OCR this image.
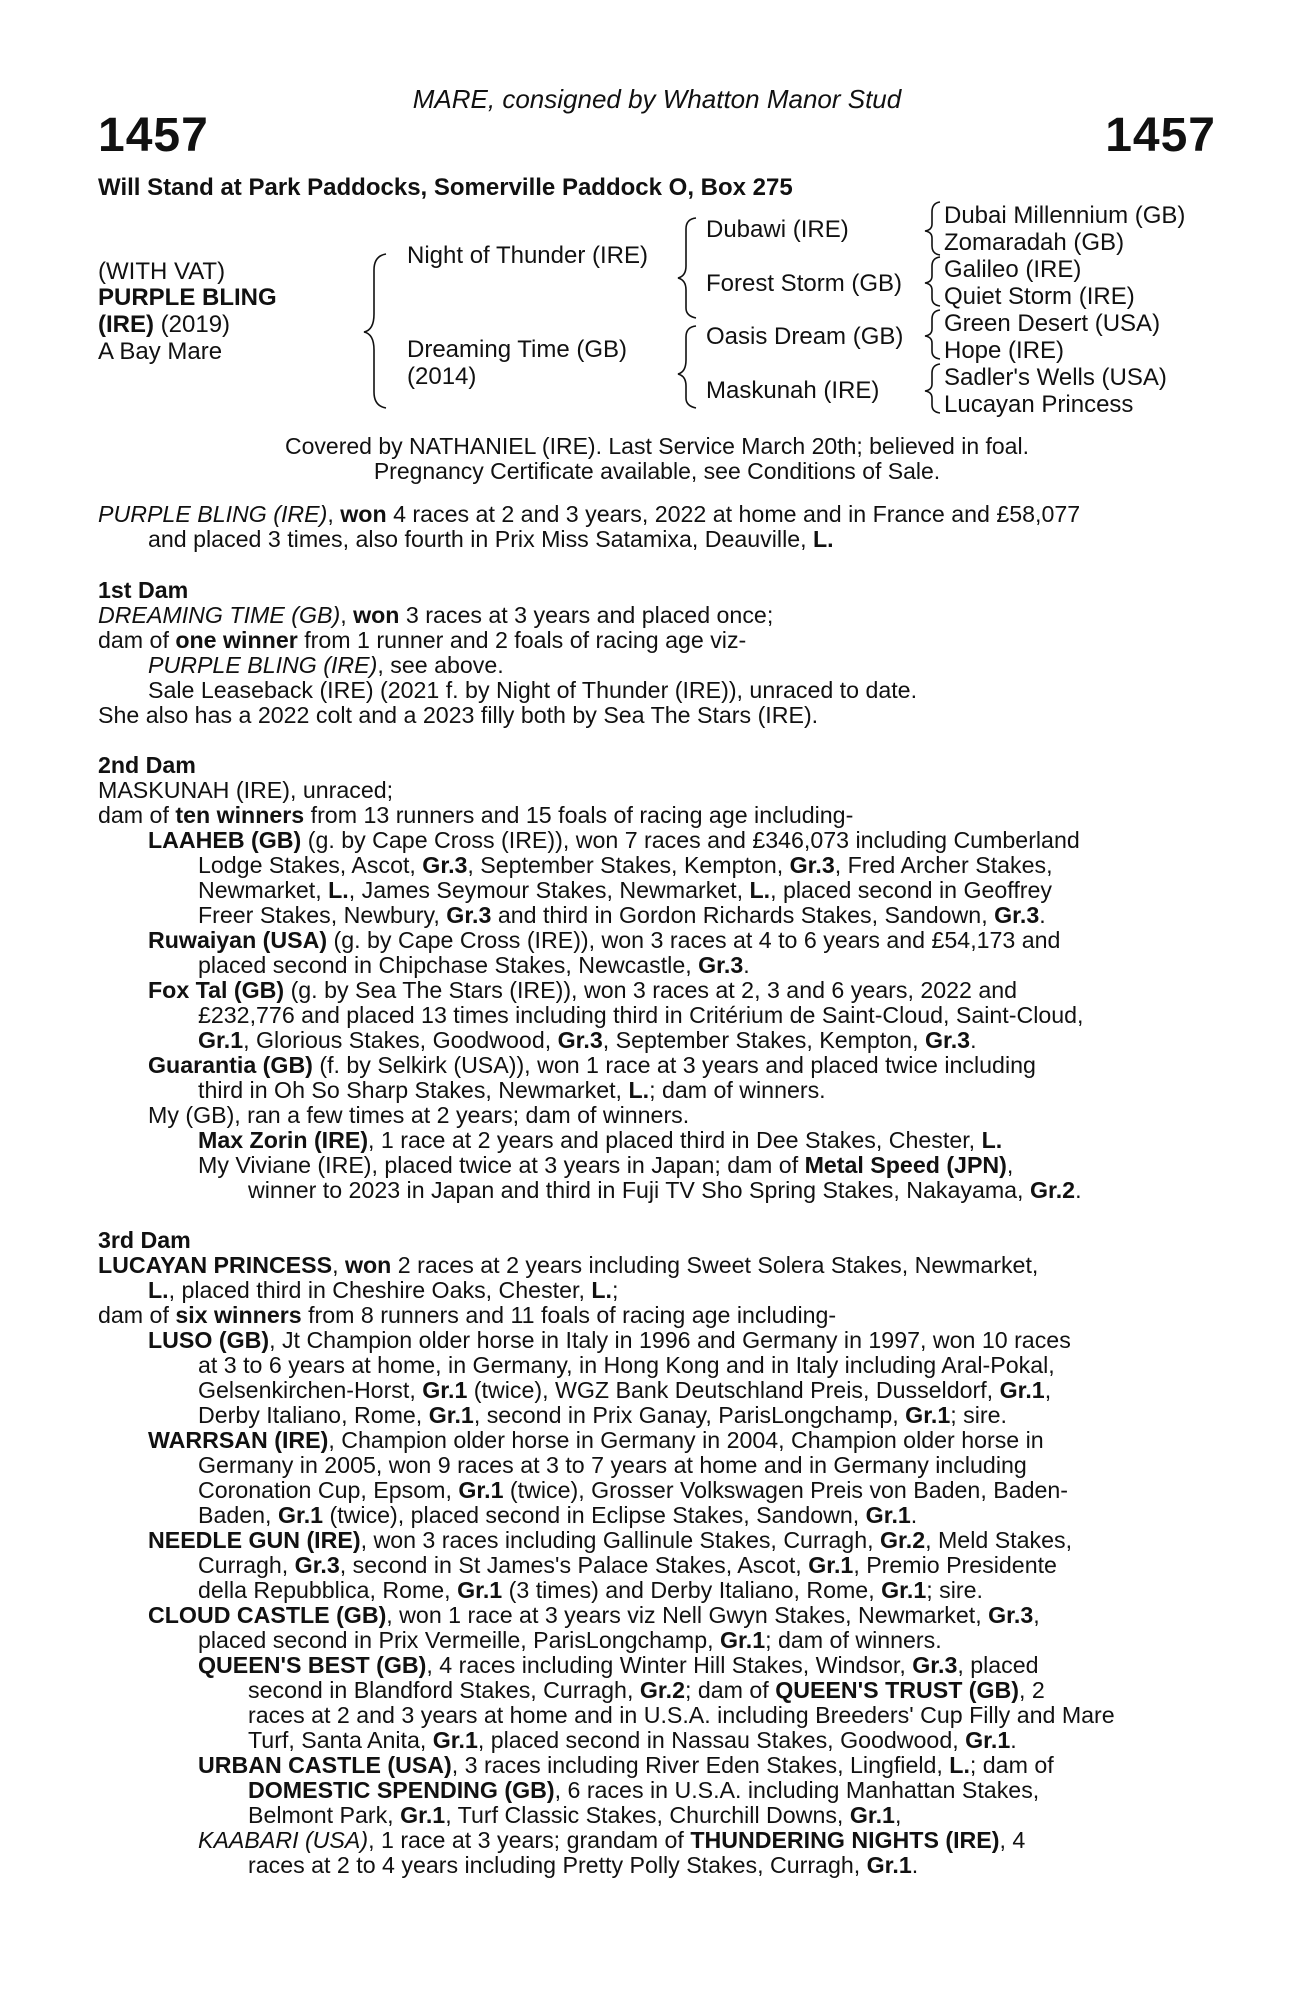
MARE, consigned by Whatton Manor Stud
1457	1457
Will Stand at Park Paddocks, Somerville Paddock O, Box 275
(WITH VAT)
PURPLE BLING
(IRE) (2019)
A Bay Mare
Night of Thunder (IRE)
Dreaming Time (GB)
(2014)
Dubawi (IRE)
Forest Storm (GB)
Oasis Dream (GB)
Maskunah (IRE)
Dubai Millennium (GB)
Zomaradah (GB)
Galileo (IRE)
Quiet Storm (IRE)
Green Desert (USA)
Hope (IRE)
Sadler's Wells (USA)
Lucayan Princess
Covered by NATHANIEL (IRE). Last Service March 20th; believed in foal.
Pregnancy Certificate available, see Conditions of Sale.
PURPLE BLING (IRE), won 4 races at 2 and 3 years, 2022 at home and in France and £58,077
and placed 3 times, also fourth in Prix Miss Satamixa, Deauville, L.
1st Dam
DREAMING TIME (GB), won 3 races at 3 years and placed once;
dam of one winner from 1 runner and 2 foals of racing age viz-
PURPLE BLING (IRE), see above.
Sale Leaseback (IRE) (2021 f. by Night of Thunder (IRE)), unraced to date.
She also has a 2022 colt and a 2023 filly both by Sea The Stars (IRE).
2nd Dam
MASKUNAH (IRE), unraced;
dam of ten winners from 13 runners and 15 foals of racing age including-
LAAHEB (GB) (g. by Cape Cross (IRE)), won 7 races and £346,073 including Cumberland
Lodge Stakes, Ascot, Gr.3, September Stakes, Kempton, Gr.3, Fred Archer Stakes,
Newmarket, L., James Seymour Stakes, Newmarket, L., placed second in Geoffrey
Freer Stakes, Newbury, Gr.3 and third in Gordon Richards Stakes, Sandown, Gr.3.
Ruwaiyan (USA) (g. by Cape Cross (IRE)), won 3 races at 4 to 6 years and £54,173 and
placed second in Chipchase Stakes, Newcastle, Gr.3.
Fox Tal (GB) (g. by Sea The Stars (IRE)), won 3 races at 2, 3 and 6 years, 2022 and
£232,776 and placed 13 times including third in Critérium de Saint-Cloud, Saint-Cloud,
Gr.1, Glorious Stakes, Goodwood, Gr.3, September Stakes, Kempton, Gr.3.
Guarantia (GB) (f. by Selkirk (USA)), won 1 race at 3 years and placed twice including
third in Oh So Sharp Stakes, Newmarket, L.; dam of winners.
My (GB), ran a few times at 2 years; dam of winners.
Max Zorin (IRE), 1 race at 2 years and placed third in Dee Stakes, Chester, L.
My Viviane (IRE), placed twice at 3 years in Japan; dam of Metal Speed (JPN),
winner to 2023 in Japan and third in Fuji TV Sho Spring Stakes, Nakayama, Gr.2.
3rd Dam
LUCAYAN PRINCESS, won 2 races at 2 years including Sweet Solera Stakes, Newmarket,
L., placed third in Cheshire Oaks, Chester, L.;
dam of six winners from 8 runners and 11 foals of racing age including-
LUSO (GB), Jt Champion older horse in Italy in 1996 and Germany in 1997, won 10 races
at 3 to 6 years at home, in Germany, in Hong Kong and in Italy including Aral-Pokal,
Gelsenkirchen-Horst, Gr.1 (twice), WGZ Bank Deutschland Preis, Dusseldorf, Gr.1,
Derby Italiano, Rome, Gr.1, second in Prix Ganay, ParisLongchamp, Gr.1; sire.
WARRSAN (IRE), Champion older horse in Germany in 2004, Champion older horse in
Germany in 2005, won 9 races at 3 to 7 years at home and in Germany including
Coronation Cup, Epsom, Gr.1 (twice), Grosser Volkswagen Preis von Baden, Baden-
Baden, Gr.1 (twice), placed second in Eclipse Stakes, Sandown, Gr.1.
NEEDLE GUN (IRE), won 3 races including Gallinule Stakes, Curragh, Gr.2, Meld Stakes,
Curragh, Gr.3, second in St James's Palace Stakes, Ascot, Gr.1, Premio Presidente
della Repubblica, Rome, Gr.1 (3 times) and Derby Italiano, Rome, Gr.1; sire.
CLOUD CASTLE (GB), won 1 race at 3 years viz Nell Gwyn Stakes, Newmarket, Gr.3,
placed second in Prix Vermeille, ParisLongchamp, Gr.1; dam of winners.
QUEEN'S BEST (GB), 4 races including Winter Hill Stakes, Windsor, Gr.3, placed
second in Blandford Stakes, Curragh, Gr.2; dam of QUEEN'S TRUST (GB), 2
races at 2 and 3 years at home and in U.S.A. including Breeders' Cup Filly and Mare
Turf, Santa Anita, Gr.1, placed second in Nassau Stakes, Goodwood, Gr.1.
URBAN CASTLE (USA), 3 races including River Eden Stakes, Lingfield, L.; dam of
DOMESTIC SPENDING (GB), 6 races in U.S.A. including Manhattan Stakes,
Belmont Park, Gr.1, Turf Classic Stakes, Churchill Downs, Gr.1,
KAABARI (USA), 1 race at 3 years; grandam of THUNDERING NIGHTS (IRE), 4
races at 2 to 4 years including Pretty Polly Stakes, Curragh, Gr.1.
